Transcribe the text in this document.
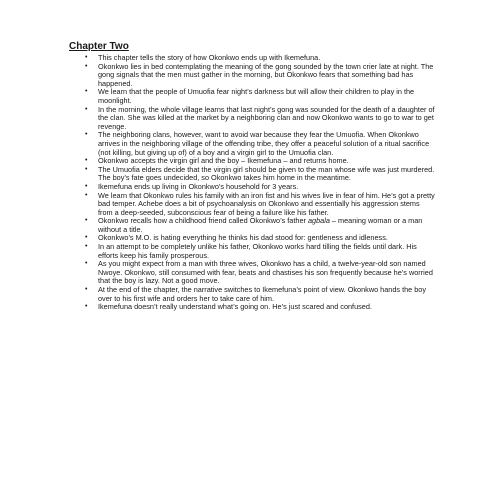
Chapter Two
• This chapter tells the story of how Okonkwo ends up with Ikemefuna.
• Okonkwo lies in bed contemplating the meaning of the gong sounded by the town crier late at night. The gong signals that the men must gather in the morning, but Okonkwo fears that something bad has happened.
• We learn that the people of Umuofia fear night’s darkness but will allow their children to play in the moonlight.
• In the morning, the whole village learns that last night’s gong was sounded for the death of a daughter of the clan. She was killed at the market by a neighboring clan and now Okonkwo wants to go to war to get revenge.
• The neighboring clans, however, want to avoid war because they fear the Umuofia. When Okonkwo arrives in the neighboring village of the offending tribe, they offer a peaceful solution of a ritual sacrifice (not killing, but giving up of) of a boy and a virgin girl to the Umuofia clan.
• Okonkwo accepts the virgin girl and the boy – Ikemefuna – and returns home.
• The Umuofia elders decide that the virgin girl should be given to the man whose wife was just murdered. The boy’s fate goes undecided, so Okonkwo takes him home in the meantime.
• Ikemefuna ends up living in Okonkwo’s household for 3 years.
• We learn that Okonkwo rules his family with an iron fist and his wives live in fear of him. He’s got a pretty bad temper. Achebe does a bit of psychoanalysis on Okonkwo and essentially his aggression stems from a deep-seeded, subconscious fear of being a failure like his father.
• Okonkwo recalls how a childhood friend called Okonkwo’s father agbala – meaning woman or a man without a title.
• Okonkwo’s M.O. is hating everything he thinks his dad stood for: gentleness and idleness.
• In an attempt to be completely unlike his father, Okonkwo works hard tilling the fields until dark. His efforts keep his family prosperous.
• As you might expect from a man with three wives, Okonkwo has a child, a twelve-year-old son named Nwoye. Okonkwo, still consumed with fear, beats and chastises his son frequently because he’s worried that the boy is lazy. Not a good move.
• At the end of the chapter, the narrative switches to Ikemefuna’s point of view. Okonkwo hands the boy over to his first wife and orders her to take care of him.
• Ikemefuna doesn’t really understand what’s going on. He’s just scared and confused.
